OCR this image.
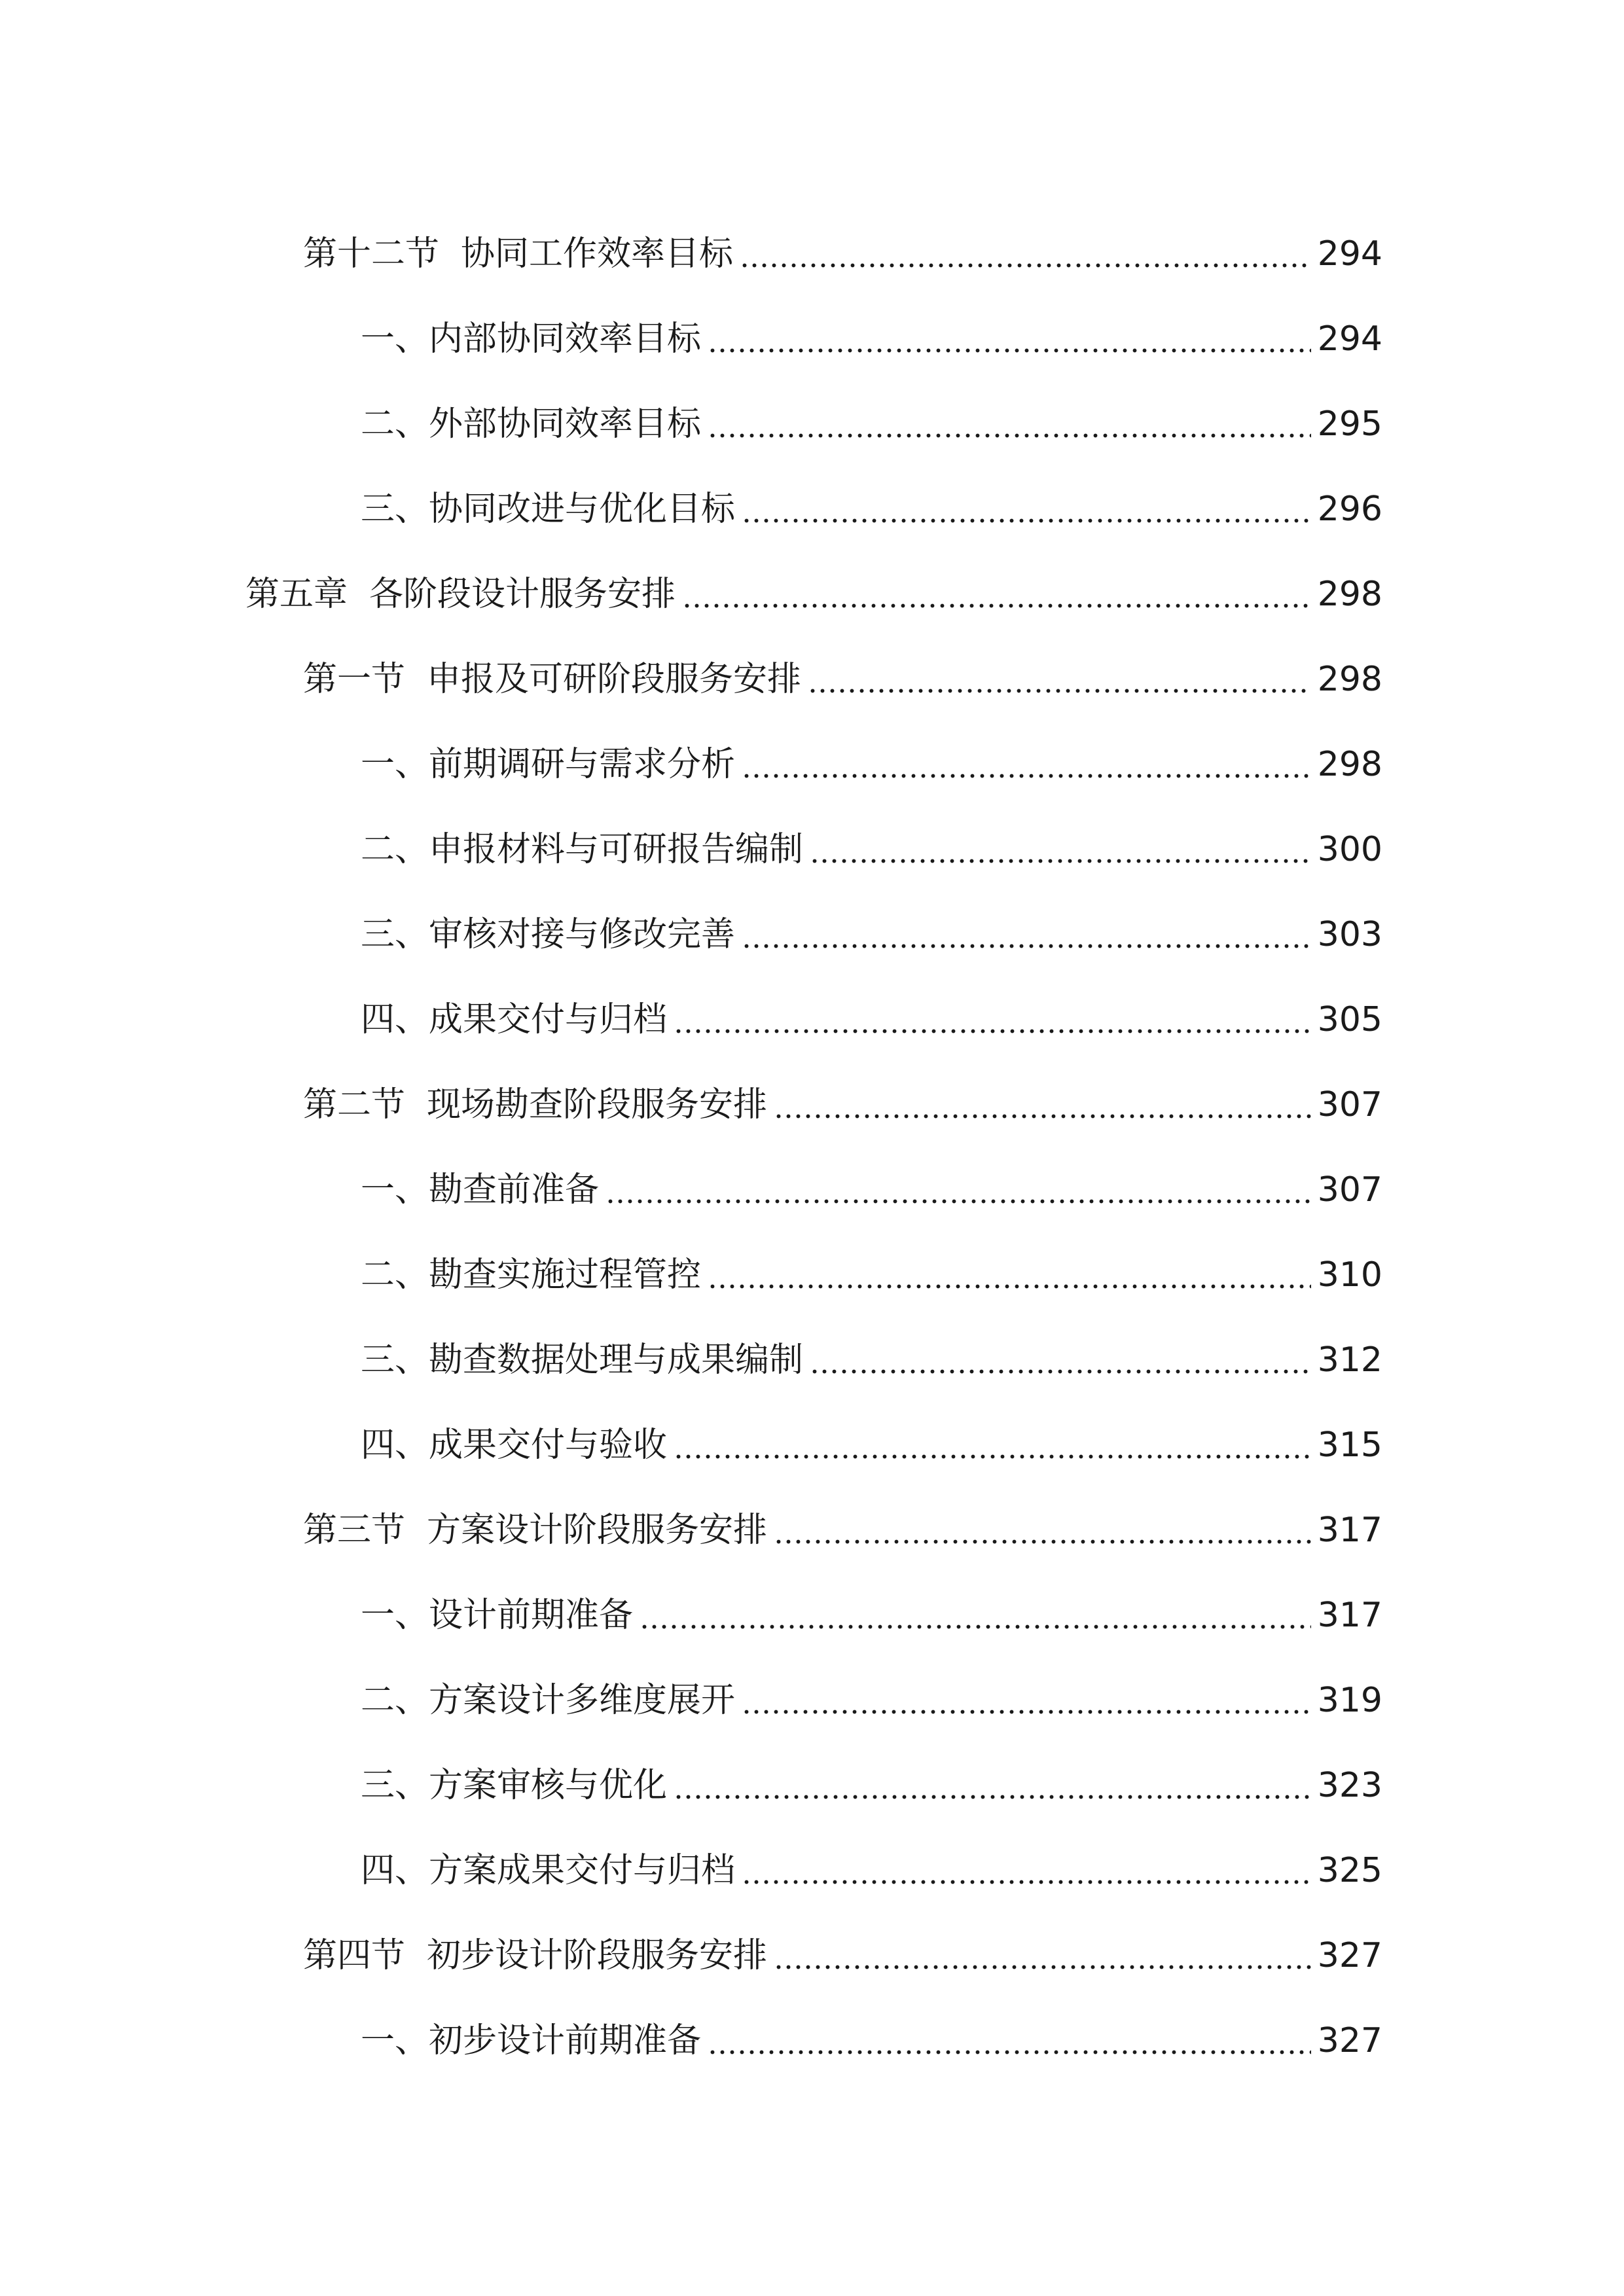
第十二节  协同工作效率目标	294
一、内部协同效率目标	294
二、外部协同效率目标	295
三、协同改进与优化目标	296
第五章  各阶段设计服务安排	298
第一节  申报及可研阶段服务安排	298
一、前期调研与需求分析	298
二、申报材料与可研报告编制	300
三、审核对接与修改完善	303
四、成果交付与归档	305
第二节  现场勘查阶段服务安排	307
一、勘查前准备	307
二、勘查实施过程管控	310
三、勘查数据处理与成果编制	312
四、成果交付与验收	315
第三节  方案设计阶段服务安排	317
一、设计前期准备	317
二、方案设计多维度展开	319
三、方案审核与优化	323
四、方案成果交付与归档	325
第四节  初步设计阶段服务安排	327
一、初步设计前期准备	327
